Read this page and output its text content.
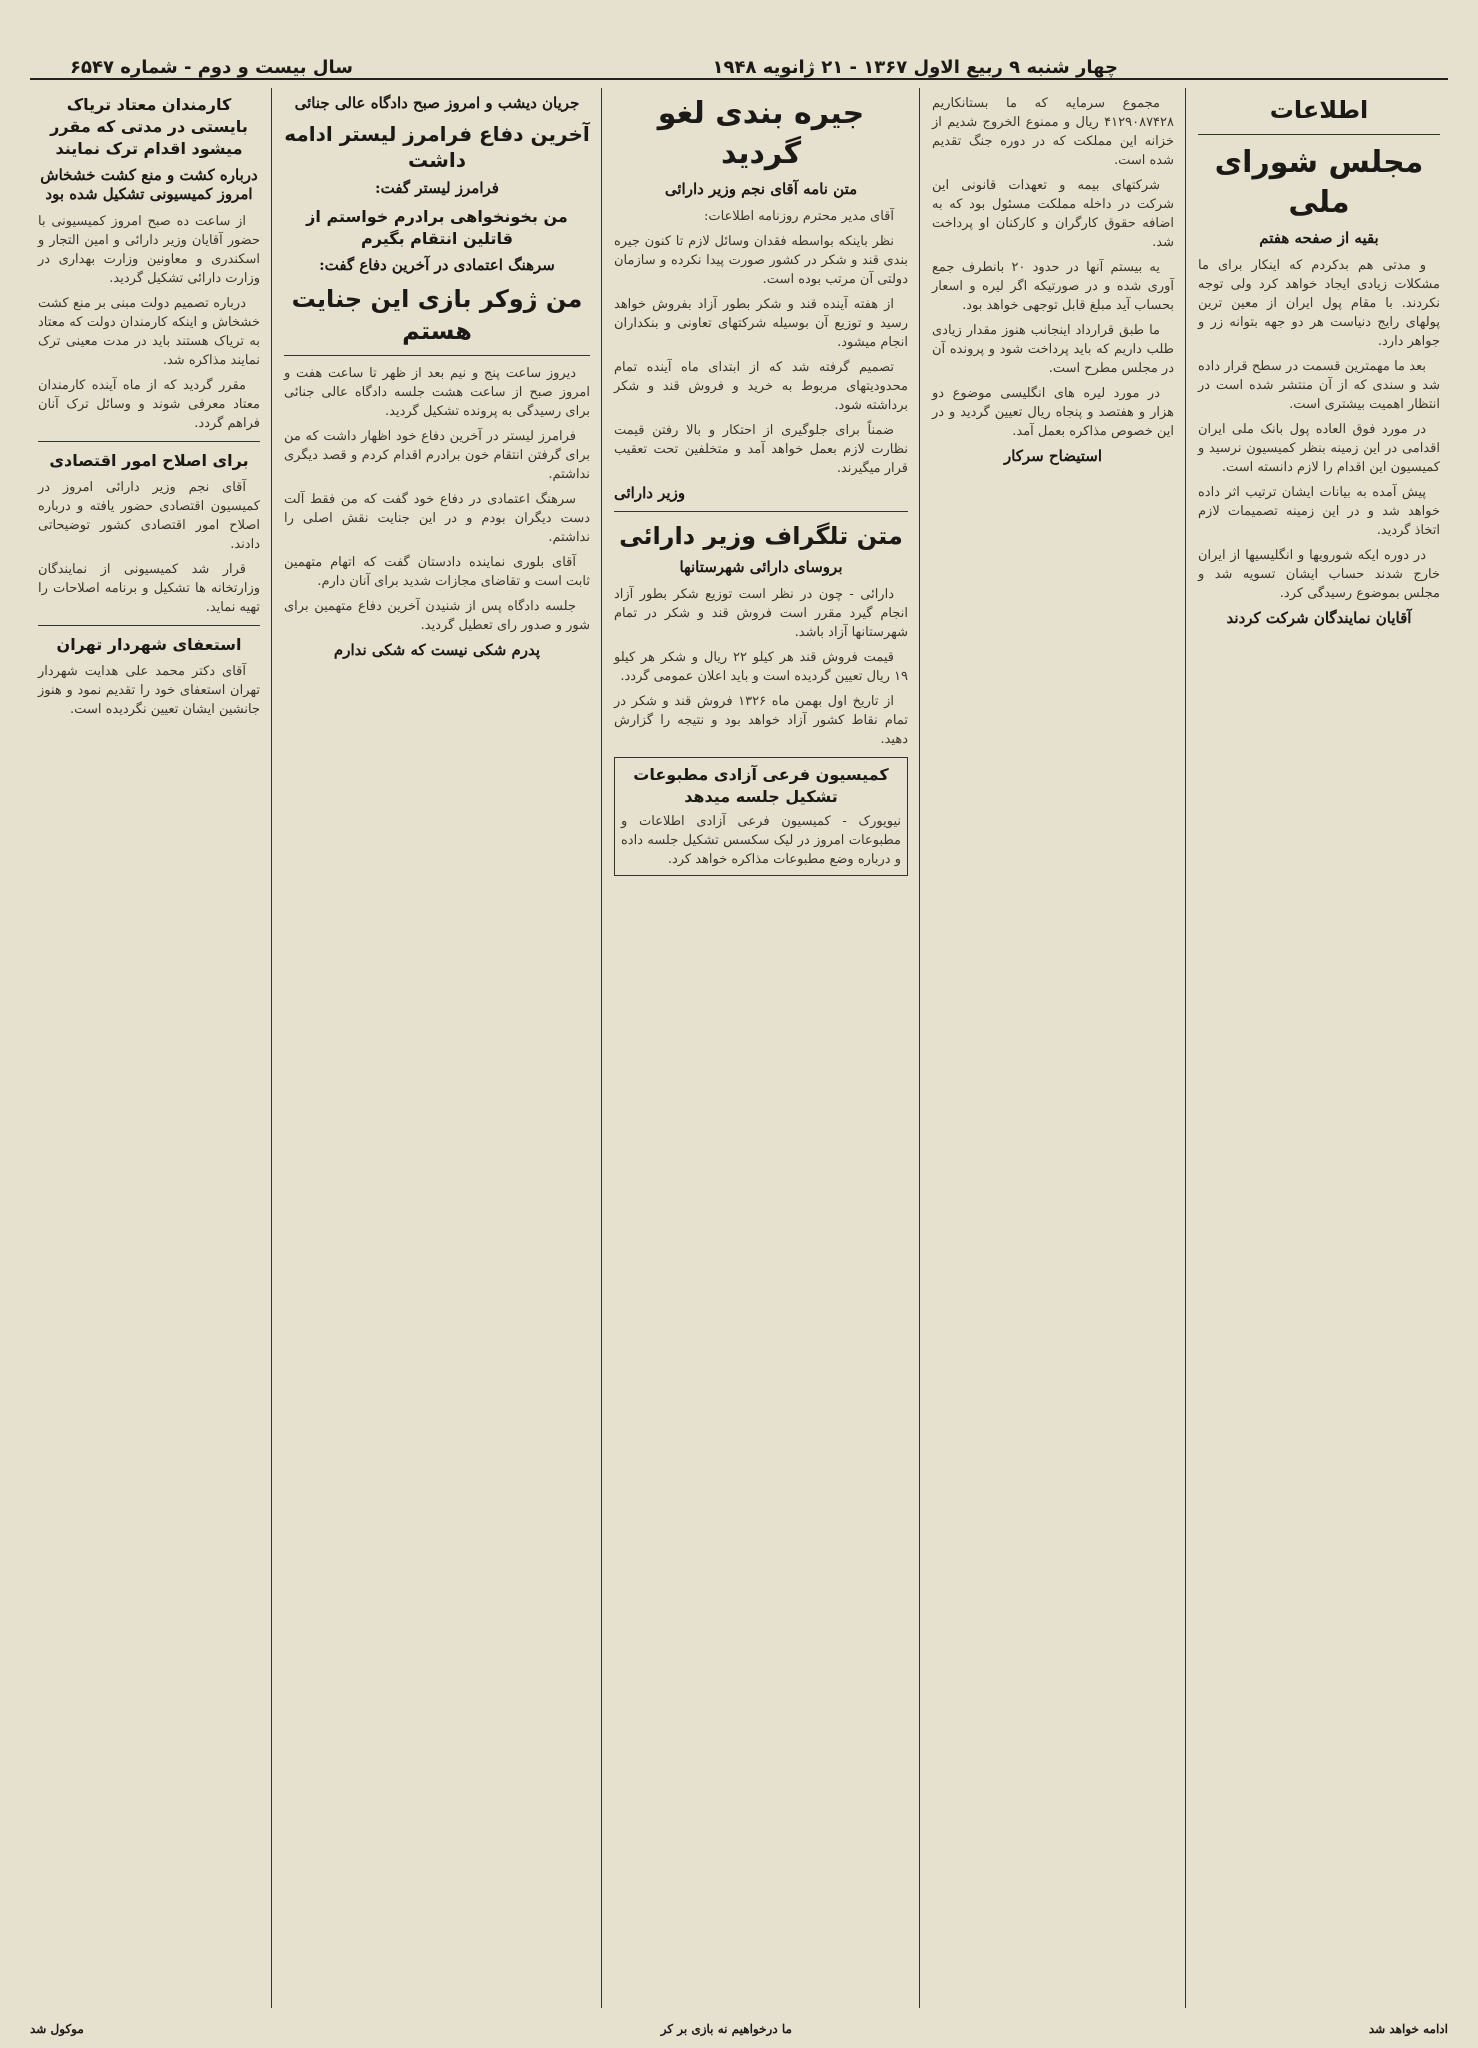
چهار شنبه ۹ ربیع الاول ۱۳۶۷ - ۲۱ ژانویه ۱۹۴۸
سال بیست و دوم - شماره ۶۵۴۷
اطلاعات
مجلس شورای ملی
بقیه از صفحه هفتم

و مدتی هم بدکردم که اینکار برای ما مشکلات زیادی ایجاد خواهد کرد ولی توجه نکردند. با مقام پول ایران از معین ترین پولهای رایج دنیاست هر دو جهه بتوانه زر و جواهر دارد.

بعد ما مهمترین قسمت در سطح قرار داده شد و سندی که از آن منتشر شده است در انتظار اهمیت بیشتری است.

در مورد فوق العاده پول بانک ملی ایران اقدامی در این زمینه بنظر کمیسیون نرسید و کمیسیون این اقدام را لازم دانسته است.

پیش آمده به بیانات ایشان ترتیب اثر داده خواهد شد و در این زمینه تصمیمات لازم اتخاذ گردید.

در دوره ایکه شورویها و انگلیسیها از ایران خارج شدند حساب ایشان تسویه شد و مجلس بموضوع رسیدگی کرد.

آقایان نمایندگان شرکت کردند

مجموع سرمایه که ما بستانکاریم ۴۱۲۹۰۸۷۴۲۸ ریال و ممنوع الخروج شدیم از خزانه این مملکت که در دوره جنگ تقدیم شده است.

شرکتهای بیمه و تعهدات قانونی این شرکت در داخله مملکت مسئول بود که به اضافه حقوق کارگران و کارکنان او پرداخت شد.

یه بیستم آنها در حدود ۲۰ بانطرف جمع آوری شده و در صورتیکه اگر لیره و اسعار بحساب آید مبلغ قابل توجهی خواهد بود.

ما طبق قرارداد اینجانب هنوز مقدار زیادی طلب داریم که باید پرداخت شود و پرونده آن در مجلس مطرح است.

در مورد لیره های انگلیسی موضوع دو هزار و هفتصد و پنجاه ریال تعیین گردید و در این خصوص مذاکره بعمل آمد.

استیضاح سرکار
جیره بندی لغو گردید
متن نامه آقای نجم وزیر دارائی

آقای مدیر محترم روزنامه اطلاعات:

نظر باینکه بواسطه فقدان وسائل لازم تا کنون جیره بندی قند و شکر در کشور صورت پیدا نکرده و سازمان دولتی آن مرتب بوده است.

از هفته آینده قند و شکر بطور آزاد بفروش خواهد رسید و توزیع آن بوسیله شرکتهای تعاونی و بنکداران انجام میشود.

تصمیم گرفته شد که از ابتدای ماه آینده تمام محدودیتهای مربوط به خرید و فروش قند و شکر برداشته شود.

ضمناً برای جلوگیری از احتکار و بالا رفتن قیمت نظارت لازم بعمل خواهد آمد و متخلفین تحت تعقیب قرار میگیرند.

وزیر دارائی
متن تلگراف وزیر دارائی
بروسای دارائی شهرستانها

دارائی - چون در نظر است توزیع شکر بطور آزاد انجام گیرد مقرر است فروش قند و شکر در تمام شهرستانها آزاد باشد.

قیمت فروش قند هر کیلو ۲۲ ریال و شکر هر کیلو ۱۹ ریال تعیین گردیده است و باید اعلان عمومی گردد.

از تاریخ اول بهمن ماه ۱۳۲۶ فروش قند و شکر در تمام نقاط کشور آزاد خواهد بود و نتیجه را گزارش دهید.

کمیسیون فرعی آزادی مطبوعات تشکیل جلسه میدهد
نیویورک - کمیسیون فرعی آزادی اطلاعات و مطبوعات امروز در لیک سکسس تشکیل جلسه داده و درباره وضع مطبوعات مذاکره خواهد کرد.
جریان دیشب و امروز صبح دادگاه عالی جنائی
آخرین دفاع فرامرز لیستر ادامه داشت
فرامرز لیستر گفت:
من بخونخواهی برادرم خواستم از قاتلین انتقام بگیرم
سرهنگ اعتمادی در آخرین دفاع گفت:
من ژوکر بازی این جنایت هستم

دیروز ساعت پنج و نیم بعد از ظهر تا ساعت هفت و امروز صبح از ساعت هشت جلسه دادگاه عالی جنائی برای رسیدگی به پرونده تشکیل گردید.

فرامرز لیستر در آخرین دفاع خود اظهار داشت که من برای گرفتن انتقام خون برادرم اقدام کردم و قصد دیگری نداشتم.

سرهنگ اعتمادی در دفاع خود گفت که من فقط آلت دست دیگران بودم و در این جنایت نقش اصلی را نداشتم.

آقای بلوری نماینده دادستان گفت که اتهام متهمین ثابت است و تقاضای مجازات شدید برای آنان دارم.

جلسه دادگاه پس از شنیدن آخرین دفاع متهمین برای شور و صدور رای تعطیل گردید.

پدرم شکی نیست که شکی ندارم
کارمندان معتاد تریاک بایستی در مدتی که مقرر میشود اقدام ترک نمایند
درباره کشت و منع کشت خشخاش امروز کمیسیونی تشکیل شده بود

از ساعت ده صبح امروز کمیسیونی با حضور آقایان وزیر دارائی و امین التجار و اسکندری و معاونین وزارت بهداری در وزارت دارائی تشکیل گردید.

درباره تصمیم دولت مبنی بر منع کشت خشخاش و اینکه کارمندان دولت که معتاد به تریاک هستند باید در مدت معینی ترک نمایند مذاکره شد.

مقرر گردید که از ماه آینده کارمندان معتاد معرفی شوند و وسائل ترک آنان فراهم گردد.

برای اصلاح امور اقتصادی

آقای نجم وزیر دارائی امروز در کمیسیون اقتصادی حضور یافته و درباره اصلاح امور اقتصادی کشور توضیحاتی دادند.

قرار شد کمیسیونی از نمایندگان وزارتخانه ها تشکیل و برنامه اصلاحات را تهیه نماید.

استعفای شهردار تهران

آقای دکتر محمد علی هدایت شهردار تهران استعفای خود را تقدیم نمود و هنوز جانشین ایشان تعیین نگردیده است.

ادامه خواهد شد
ما درخواهیم نه بازی بر کر
موکول شد
